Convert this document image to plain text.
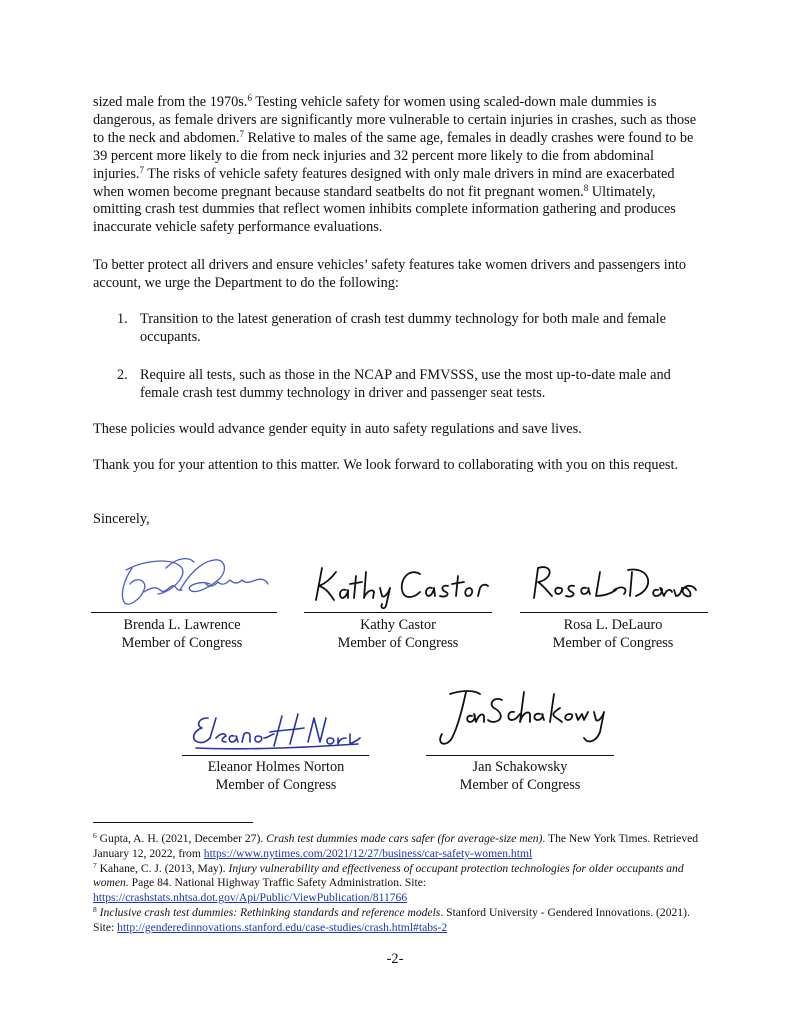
sized male from the 1970s.$^6$ Testing vehicle safety for women using scaled-down male dummies is dangerous, as female drivers are significantly more vulnerable to certain injuries in crashes, such as those to the neck and abdomen.$^7$ Relative to males of the same age, females in deadly crashes were found to be 39 percent more likely to die from neck injuries and 32 percent more likely to die from abdominal injuries.$^7$ The risks of vehicle safety features designed with only male drivers in mind are exacerbated when women become pregnant because standard seatbelts do not fit pregnant women.$^8$ Ultimately, omitting crash test dummies that reflect women inhibits complete information gathering and produces inaccurate vehicle safety performance evaluations.

To better protect all drivers and ensure vehicles’ safety features take women drivers and passengers into account, we urge the Department to do the following:

1. Transition to the latest generation of crash test dummy technology for both male and female occupants.
2. Require all tests, such as those in the NCAP and FMVSSS, use the most up-to-date male and female crash test dummy technology in driver and passenger seat tests.

These policies would advance gender equity in auto safety regulations and save lives.

Thank you for your attention to this matter. We look forward to collaborating with you on this request.

Sincerely,

Brenda L. Lawrence
Member of Congress
Kathy Castor
Member of Congress
Rosa L. DeLauro
Member of Congress
Eleanor Holmes Norton
Member of Congress
Jan Schakowsky
Member of Congress

$^6$ Gupta, A. H. (2021, December 27). Crash test dummies made cars safer (for average-size men). The New York Times. Retrieved January 12, 2022, from https://www.nytimes.com/2021/12/27/business/car-safety-women.html

$^7$ Kahane, C. J. (2013, May). Injury vulnerability and effectiveness of occupant protection technologies for older occupants and women. Page 84. National Highway Traffic Safety Administration. Site: https://crashstats.nhtsa.dot.gov/Api/Public/ViewPublication/811766

$^8$ Inclusive crash test dummies: Rethinking standards and reference models. Stanford University - Gendered Innovations. (2021). Site: http://genderedinnovations.stanford.edu/case-studies/crash.html#tabs-2

-2-
